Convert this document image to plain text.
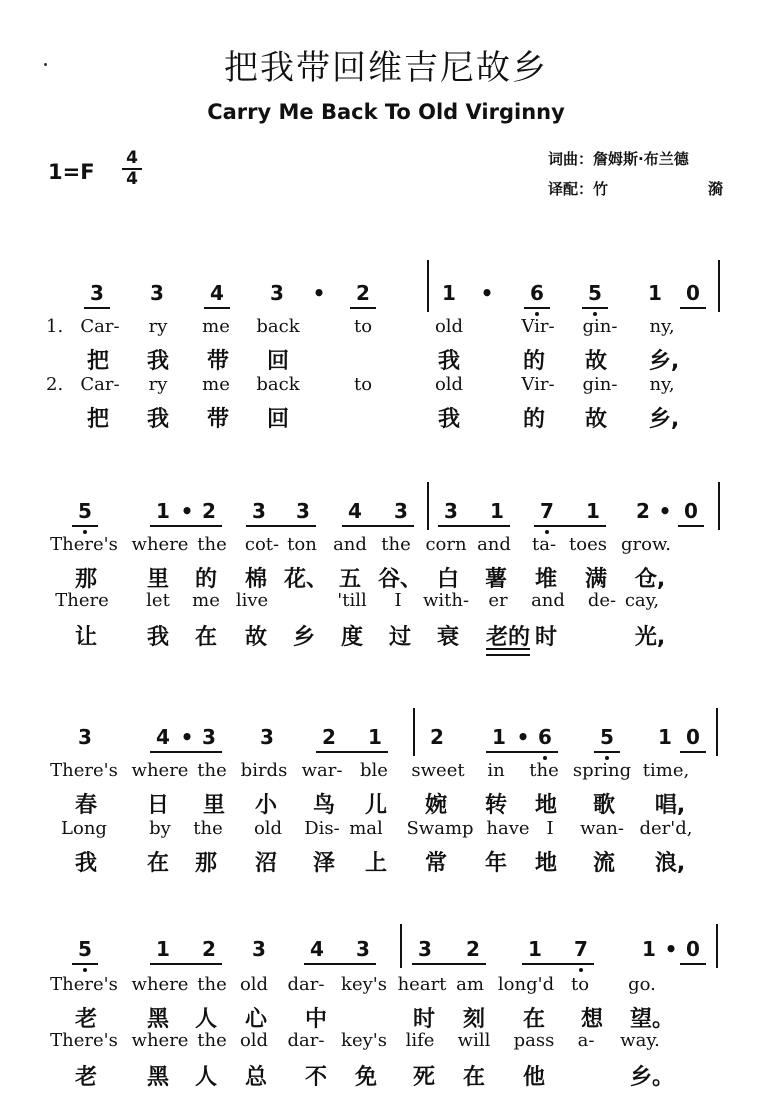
把我带回维吉尼故乡
Carry Me Back To Old Virginny
1=F
4
4
词曲：詹姆斯·布兰德
译配：竹	漪
3	3	4	3	•	2	1	•	6	5	1	0
1. Car- ry me back	to	old	Vir- gin- ny,
把 我 带 回	我	的 故 乡,
2. Car- ry me back	to	old	Vir- gin- ny,
把 我 带 回	我	的 故 乡,
5	1 • 2	3	3	4	3	3	1	7	1	2 • 0
There's where the cot- ton and the corn and ta- toes grow.
那 里 的 棉 花、 五 谷、 白 薯 堆 满 仓,
There let me live	'till I with- er and de- cay,
让 我 在 故 乡 度 过 衰 老的 时	光,
3	4 • 3	3	2	1	2	1 • 6	5	1 0
There's where the birds war- ble sweet in the spring time,
春 日 里 小 鸟 儿 婉 转 地 歌 唱,
Long by the old Dis- mal Swamp have I wan- der'd,
我 在 那 沼 泽 上 常 年 地 流 浪,
5	1	2	3	4	3	3	2	1	7	1 • 0
There's where the old dar- key's heart am long'd to go.
老 黑 人 心 中	时 刻 在 想 望。
There's where the old dar- key's life will pass a- way.
老 黑 人 总 不 免 死 在 他	乡。
